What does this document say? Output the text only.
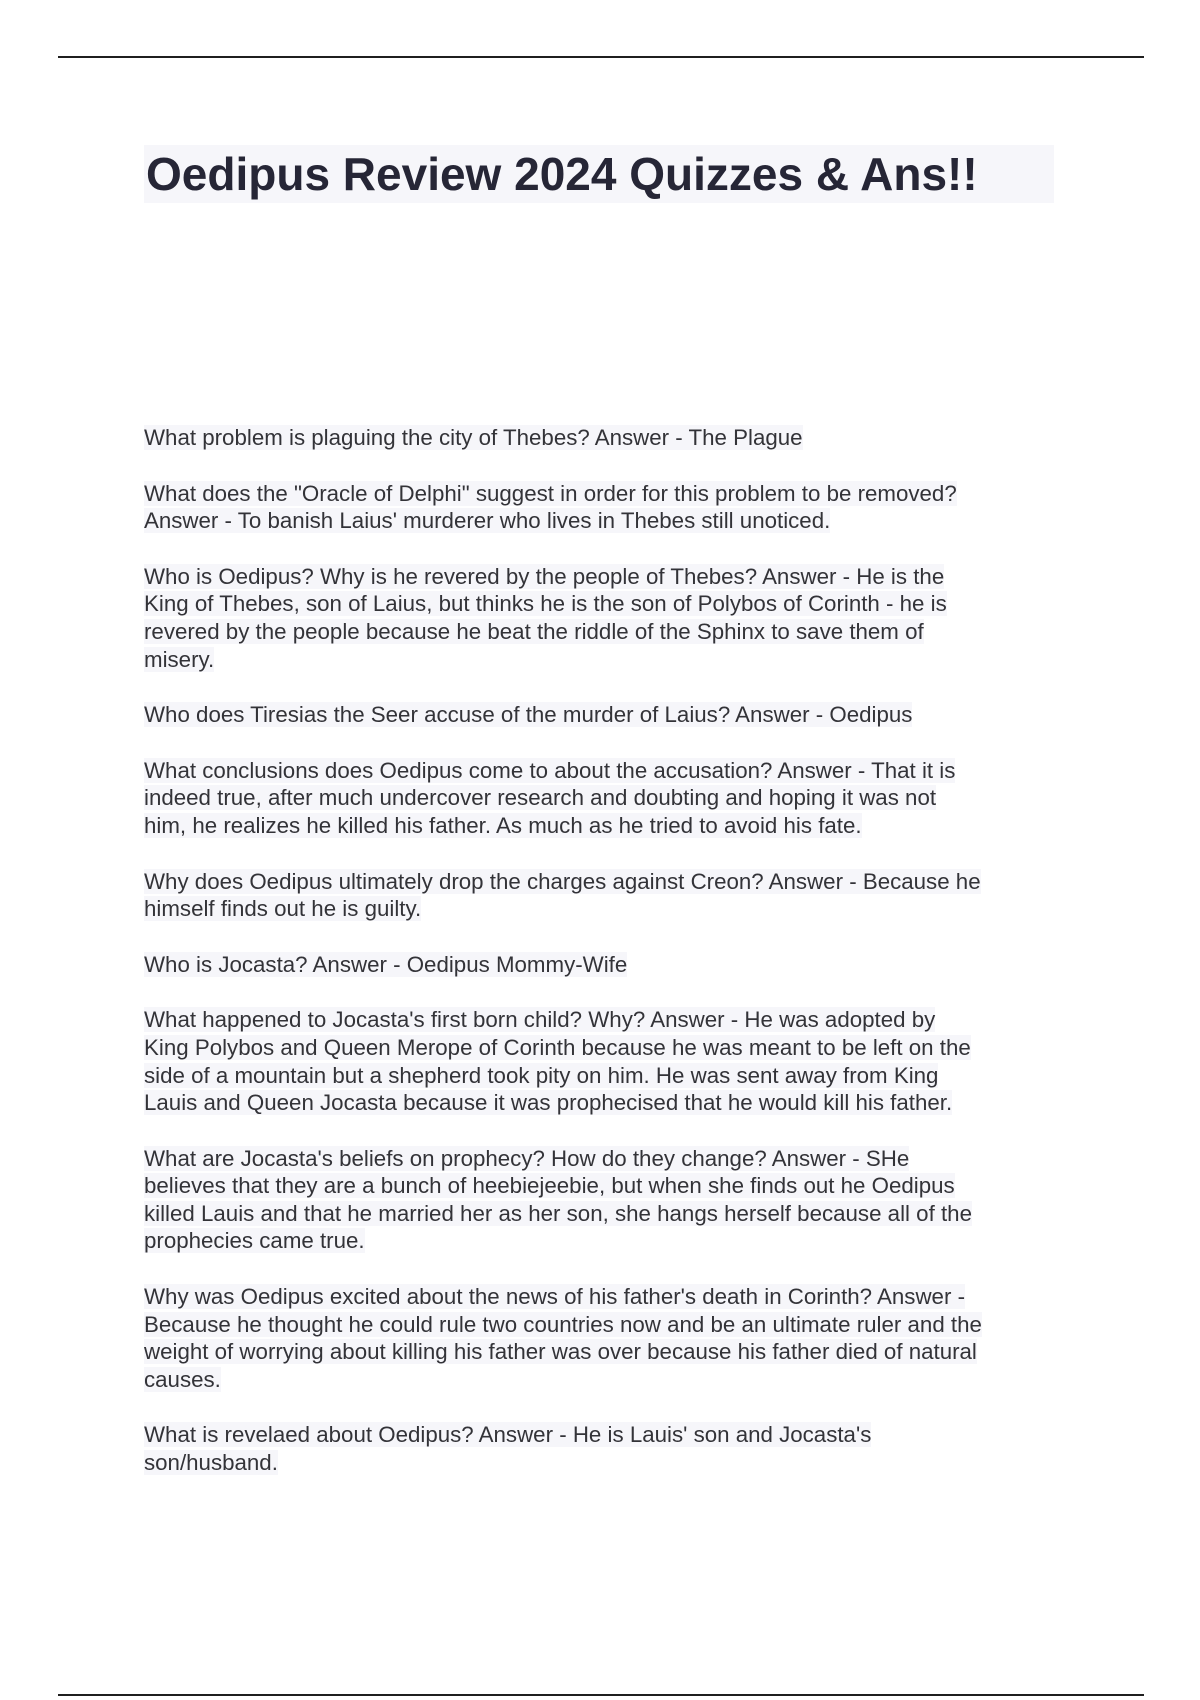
Oedipus Review 2024 Quizzes & Ans!!

What problem is plaguing the city of Thebes? Answer - The Plague

What does the "Oracle of Delphi" suggest in order for this problem to be removed?
Answer - To banish Laius' murderer who lives in Thebes still unoticed.

Who is Oedipus? Why is he revered by the people of Thebes? Answer - He is the
King of Thebes, son of Laius, but thinks he is the son of Polybos of Corinth - he is
revered by the people because he beat the riddle of the Sphinx to save them of
misery.

Who does Tiresias the Seer accuse of the murder of Laius? Answer - Oedipus

What conclusions does Oedipus come to about the accusation? Answer - That it is
indeed true, after much undercover research and doubting and hoping it was not
him, he realizes he killed his father. As much as he tried to avoid his fate.

Why does Oedipus ultimately drop the charges against Creon? Answer - Because he
himself finds out he is guilty.

Who is Jocasta? Answer - Oedipus Mommy-Wife

What happened to Jocasta's first born child? Why? Answer - He was adopted by
King Polybos and Queen Merope of Corinth because he was meant to be left on the
side of a mountain but a shepherd took pity on him. He was sent away from King
Lauis and Queen Jocasta because it was prophecised that he would kill his father.

What are Jocasta's beliefs on prophecy? How do they change? Answer - SHe
believes that they are a bunch of heebiejeebie, but when she finds out he Oedipus
killed Lauis and that he married her as her son, she hangs herself because all of the
prophecies came true.

Why was Oedipus excited about the news of his father's death in Corinth? Answer -
Because he thought he could rule two countries now and be an ultimate ruler and the
weight of worrying about killing his father was over because his father died of natural
causes.

What is revelaed about Oedipus? Answer - He is Lauis' son and Jocasta's
son/husband.
